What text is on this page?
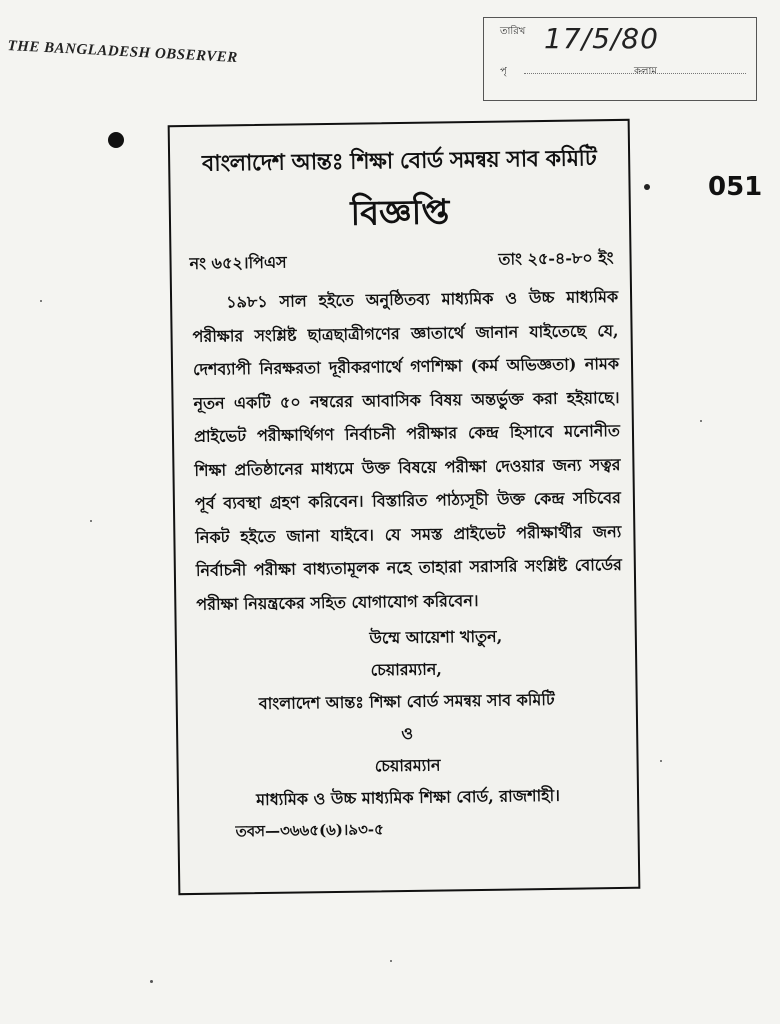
THE BANGLADESH OBSERVER
তারিখ 17/5/80
পৃ	কলাম
051
বাংলাদেশ আন্তঃ শিক্ষা বোর্ড সমন্বয় সাব কমিটি
বিজ্ঞপ্তি
নং ৬৫২।পিএস	তাং ২৫-৪-৮০ ইং
১৯৮১ সাল হইতে অনুষ্ঠিতব্য মাধ্যমিক ও উচ্চ মাধ্যমিক পরীক্ষার সংশ্লিষ্ট ছাত্রছাত্রীগণের জ্ঞাতার্থে জানান যাইতেছে যে, দেশব্যাপী নিরক্ষরতা দূরীকরণার্থে গণশিক্ষা (কর্ম অভিজ্ঞতা) নামক নূতন একটি ৫০ নম্বরের আবাসিক বিষয় অন্তর্ভুক্ত করা হইয়াছে। প্রাইভেট পরীক্ষার্থিগণ নির্বাচনী পরীক্ষার কেন্দ্র হিসাবে মনোনীত শিক্ষা প্রতিষ্ঠানের মাধ্যমে উক্ত বিষয়ে পরীক্ষা দেওয়ার জন্য সত্বর পূর্ব ব্যবস্থা গ্রহণ করিবেন। বিস্তারিত পাঠ্যসূচী উক্ত কেন্দ্র সচিবের নিকট হইতে জানা যাইবে। যে সমস্ত প্রাইভেট পরীক্ষার্থীর জন্য নির্বাচনী পরীক্ষা বাধ্যতামূলক নহে তাহারা সরাসরি সংশ্লিষ্ট বোর্ডের পরীক্ষা নিয়ন্ত্রকের সহিত যোগাযোগ করিবেন।
উম্মে আয়েশা খাতুন,
চেয়ারম্যান,
বাংলাদেশ আন্তঃ শিক্ষা বোর্ড সমন্বয় সাব কমিটি
ও
চেয়ারম্যান
মাধ্যমিক ও উচ্চ মাধ্যমিক শিক্ষা বোর্ড, রাজশাহী।
তবস—৩৬৬৫(৬)।৯৩-৫
